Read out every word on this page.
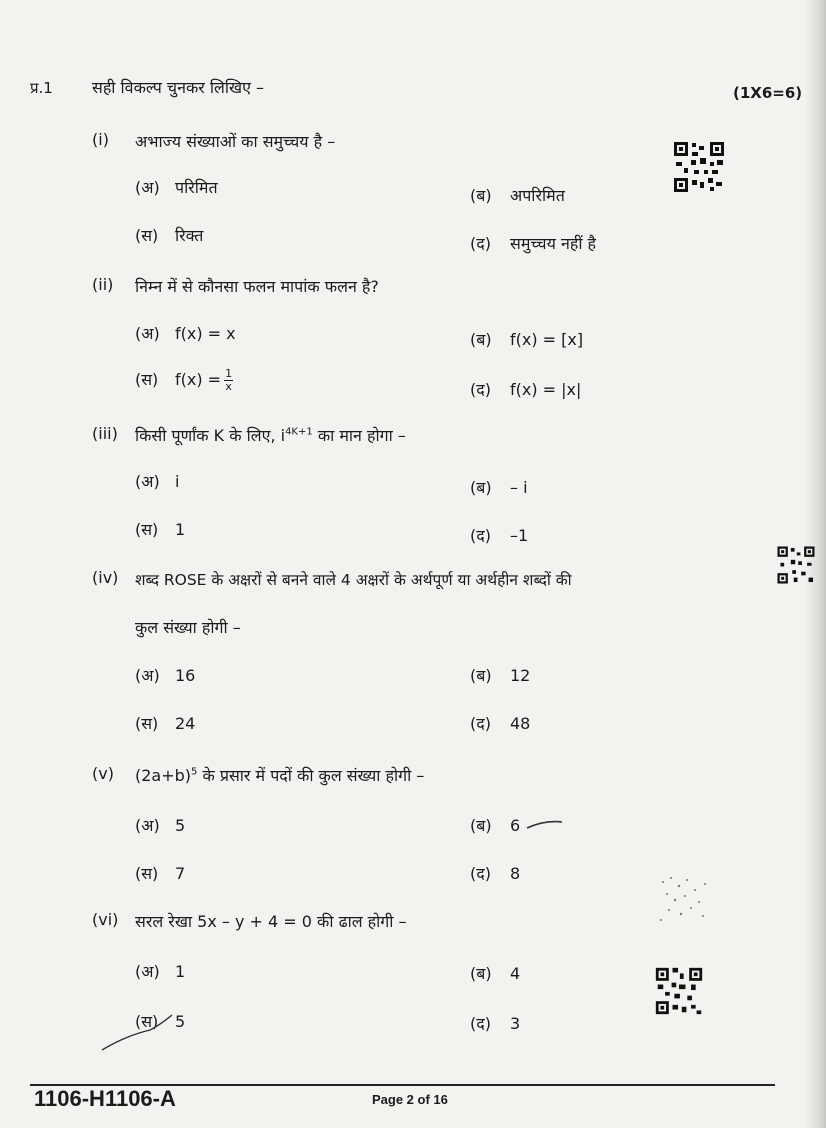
प्र.1 सही विकल्प चुनकर लिखिए –	(1X6=6)
(i) अभाज्य संख्याओं का समुच्चय है –
(अ) परिमित	(ब) अपरिमित
(स) रिक्त	(द) समुच्चय नहीं है
(ii) निम्न में से कौनसा फलन मापांक फलन है?
(अ) f(x) = x	(ब) f(x) = [x]
(स) $f(x) = \frac{1}{x}$	(द) f(x) = |x|
(iii) किसी पूर्णांक K के लिए, $i^{4K+1}$ का मान होगा –
(अ) i	(ब) – i
(स) 1	(द) –1
(iv) शब्द ROSE के अक्षरों से बनने वाले 4 अक्षरों के अर्थपूर्ण या अर्थहीन शब्दों की
कुल संख्या होगी –
(अ) 16	(ब) 12
(स) 24	(द) 48
(v) $(2a+b)^5$ के प्रसार में पदों की कुल संख्या होगी –
(अ) 5	(ब) 6
(स) 7	(द) 8
(vi) सरल रेखा 5x – y + 4 = 0 की ढाल होगी –
(अ) 1	(ब) 4
(स) 5	(द) 3
1106-H1106-A	Page 2 of 16
